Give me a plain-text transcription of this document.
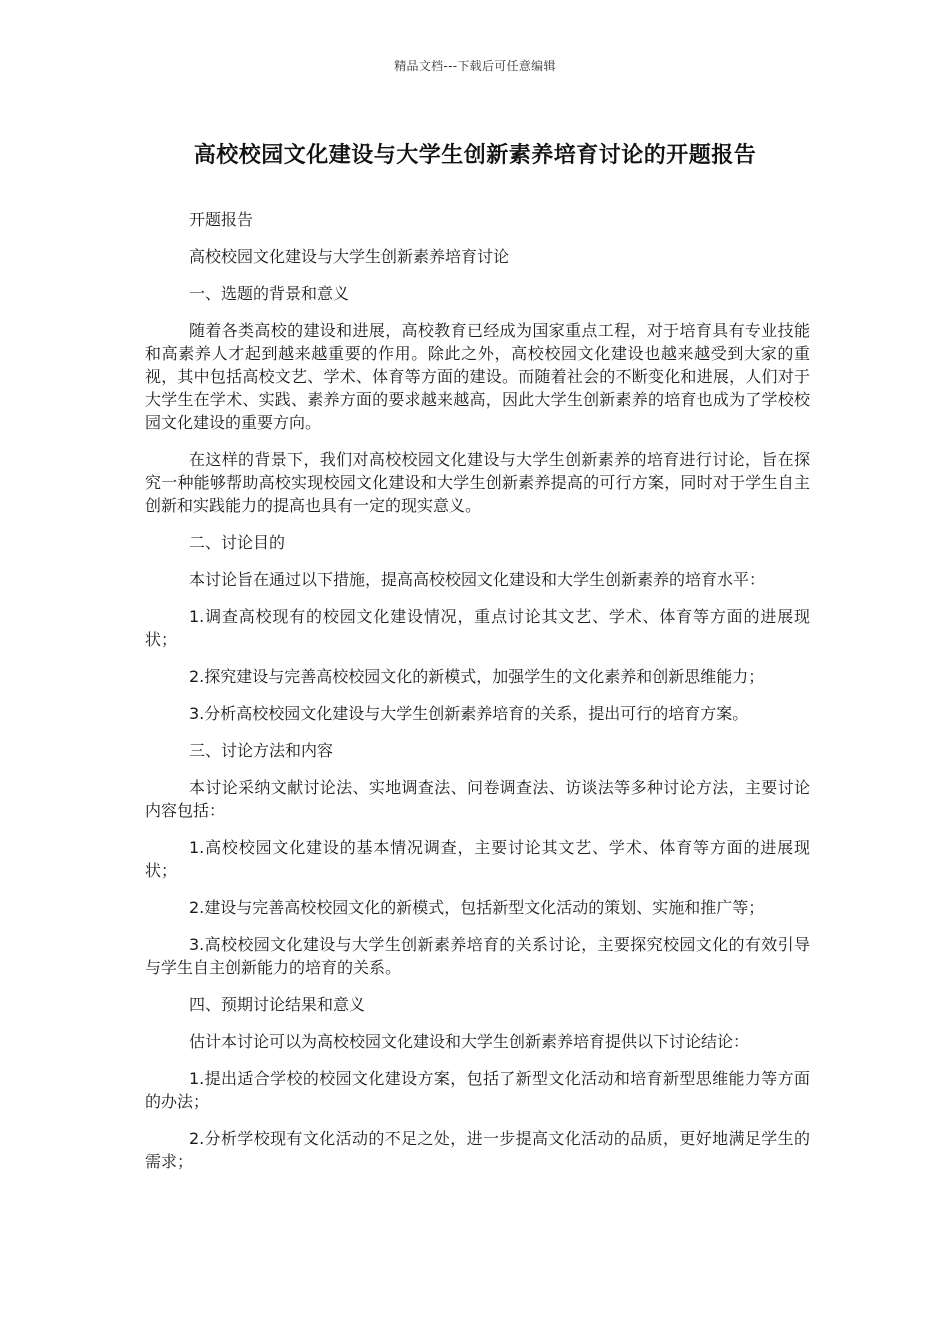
精品文档---下载后可任意编辑
高校校园文化建设与大学生创新素养培育讨论的开题报告

开题报告

高校校园文化建设与大学生创新素养培育讨论

一、选题的背景和意义

随着各类高校的建设和进展，高校教育已经成为国家重点工程，对于培育具有专业技能和高素养人才起到越来越重要的作用。除此之外，高校校园文化建设也越来越受到大家的重视，其中包括高校文艺、学术、体育等方面的建设。而随着社会的不断变化和进展，人们对于大学生在学术、实践、素养方面的要求越来越高，因此大学生创新素养的培育也成为了学校校园文化建设的重要方向。

在这样的背景下，我们对高校校园文化建设与大学生创新素养的培育进行讨论，旨在探究一种能够帮助高校实现校园文化建设和大学生创新素养提高的可行方案，同时对于学生自主创新和实践能力的提高也具有一定的现实意义。

二、讨论目的

本讨论旨在通过以下措施，提高高校校园文化建设和大学生创新素养的培育水平：

1.调查高校现有的校园文化建设情况，重点讨论其文艺、学术、体育等方面的进展现状；

2.探究建设与完善高校校园文化的新模式，加强学生的文化素养和创新思维能力；

3.分析高校校园文化建设与大学生创新素养培育的关系，提出可行的培育方案。

三、讨论方法和内容

本讨论采纳文献讨论法、实地调查法、问卷调查法、访谈法等多种讨论方法，主要讨论内容包括：

1.高校校园文化建设的基本情况调查，主要讨论其文艺、学术、体育等方面的进展现状；

2.建设与完善高校校园文化的新模式，包括新型文化活动的策划、实施和推广等；

3.高校校园文化建设与大学生创新素养培育的关系讨论，主要探究校园文化的有效引导与学生自主创新能力的培育的关系。

四、预期讨论结果和意义

估计本讨论可以为高校校园文化建设和大学生创新素养培育提供以下讨论结论：

1.提出适合学校的校园文化建设方案，包括了新型文化活动和培育新型思维能力等方面的办法；

2.分析学校现有文化活动的不足之处，进一步提高文化活动的品质，更好地满足学生的需求；
